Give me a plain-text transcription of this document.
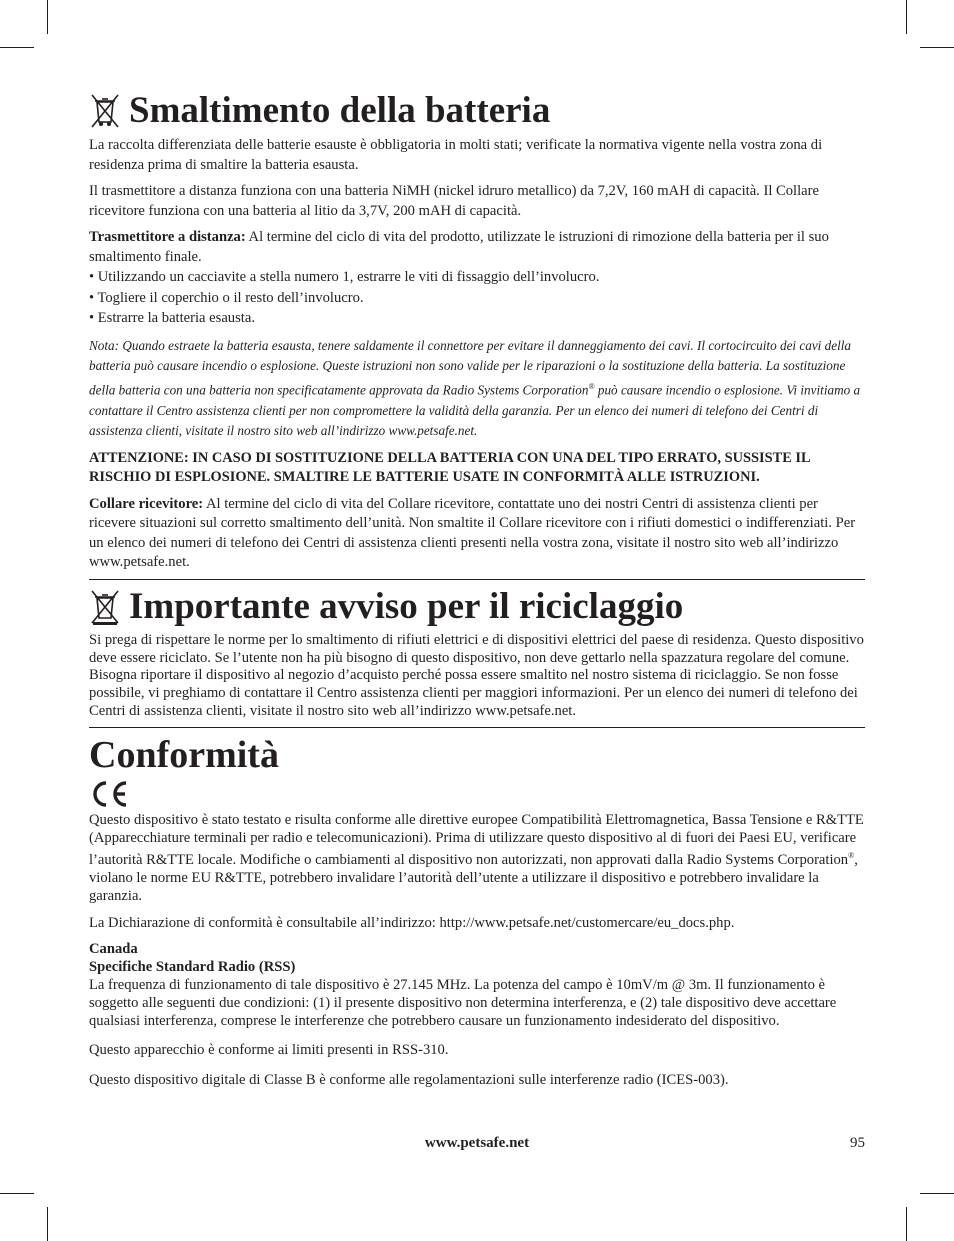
Smaltimento della batteria

La raccolta differenziata delle batterie esauste è obbligatoria in molti stati; verificate la normativa vigente nella vostra zona di residenza prima di smaltire la batteria esausta.

Il trasmettitore a distanza funziona con una batteria NiMH (nickel idruro metallico) da 7,2V, 160 mAH di capacità. Il Collare ricevitore funziona con una batteria al litio da 3,7V, 200 mAH di capacità.

Trasmettitore a distanza: Al termine del ciclo di vita del prodotto, utilizzate le istruzioni di rimozione della batteria per il suo smaltimento finale.

• Utilizzando un cacciavite a stella numero 1, estrarre le viti di fissaggio dell’involucro.

• Togliere il coperchio o il resto dell’involucro.

• Estrarre la batteria esausta.

Nota: Quando estraete la batteria esausta, tenere saldamente il connettore per evitare il danneggiamento dei cavi. Il cortocircuito dei cavi della batteria può causare incendio o esplosione. Queste istruzioni non sono valide per le riparazioni o la sostituzione della batteria. La sostituzione della batteria con una batteria non specificatamente approvata da Radio Systems Corporation® può causare incendio o esplosione. Vi invitiamo a contattare il Centro assistenza clienti per non compromettere la validità della garanzia. Per un elenco dei numeri di telefono dei Centri di assistenza clienti, visitate il nostro sito web all’indirizzo www.petsafe.net.

ATTENZIONE: IN CASO DI SOSTITUZIONE DELLA BATTERIA CON UNA DEL TIPO ERRATO, SUSSISTE IL RISCHIO DI ESPLOSIONE. SMALTIRE LE BATTERIE USATE IN CONFORMITÀ ALLE ISTRUZIONI.

Collare ricevitore: Al termine del ciclo di vita del Collare ricevitore, contattate uno dei nostri Centri di assistenza clienti per ricevere situazioni sul corretto smaltimento dell’unità. Non smaltite il Collare ricevitore con i rifiuti domestici o indifferenziati. Per un elenco dei numeri di telefono dei Centri di assistenza clienti presenti nella vostra zona, visitate il nostro sito web all’indirizzo www.petsafe.net.

Importante avviso per il riciclaggio

Si prega di rispettare le norme per lo smaltimento di rifiuti elettrici e di dispositivi elettrici del paese di residenza. Questo dispositivo deve essere riciclato. Se l’utente non ha più bisogno di questo dispositivo, non deve gettarlo nella spazzatura regolare del comune. Bisogna riportare il dispositivo al negozio d’acquisto perché possa essere smaltito nel nostro sistema di riciclaggio. Se non fosse possibile, vi preghiamo di contattare il Centro assistenza clienti per maggiori informazioni. Per un elenco dei numeri di telefono dei Centri di assistenza clienti, visitate il nostro sito web all’indirizzo www.petsafe.net.

Conformità

Questo dispositivo è stato testato e risulta conforme alle direttive europee Compatibilità Elettromagnetica, Bassa Tensione e R&TTE (Apparecchiature terminali per radio e telecomunicazioni). Prima di utilizzare questo dispositivo al di fuori dei Paesi EU, verificare l’autorità R&TTE locale. Modifiche o cambiamenti al dispositivo non autorizzati, non approvati dalla Radio Systems Corporation®, violano le norme EU R&TTE, potrebbero invalidare l’autorità dell’utente a utilizzare il dispositivo e potrebbero invalidare la garanzia.

La Dichiarazione di conformità è consultabile all’indirizzo: http://www.petsafe.net/customercare/eu_docs.php.

Canada

Specifiche Standard Radio (RSS)

La frequenza di funzionamento di tale dispositivo è 27.145 MHz. La potenza del campo è 10mV/m @ 3m. Il funzionamento è soggetto alle seguenti due condizioni: (1) il presente dispositivo non determina interferenza, e (2) tale dispositivo deve accettare qualsiasi interferenza, comprese le interferenze che potrebbero causare un funzionamento indesiderato del dispositivo.

Questo apparecchio è conforme ai limiti presenti in RSS-310.

Questo dispositivo digitale di Classe B è conforme alle regolamentazioni sulle interferenze radio (ICES-003).

www.petsafe.net	95
